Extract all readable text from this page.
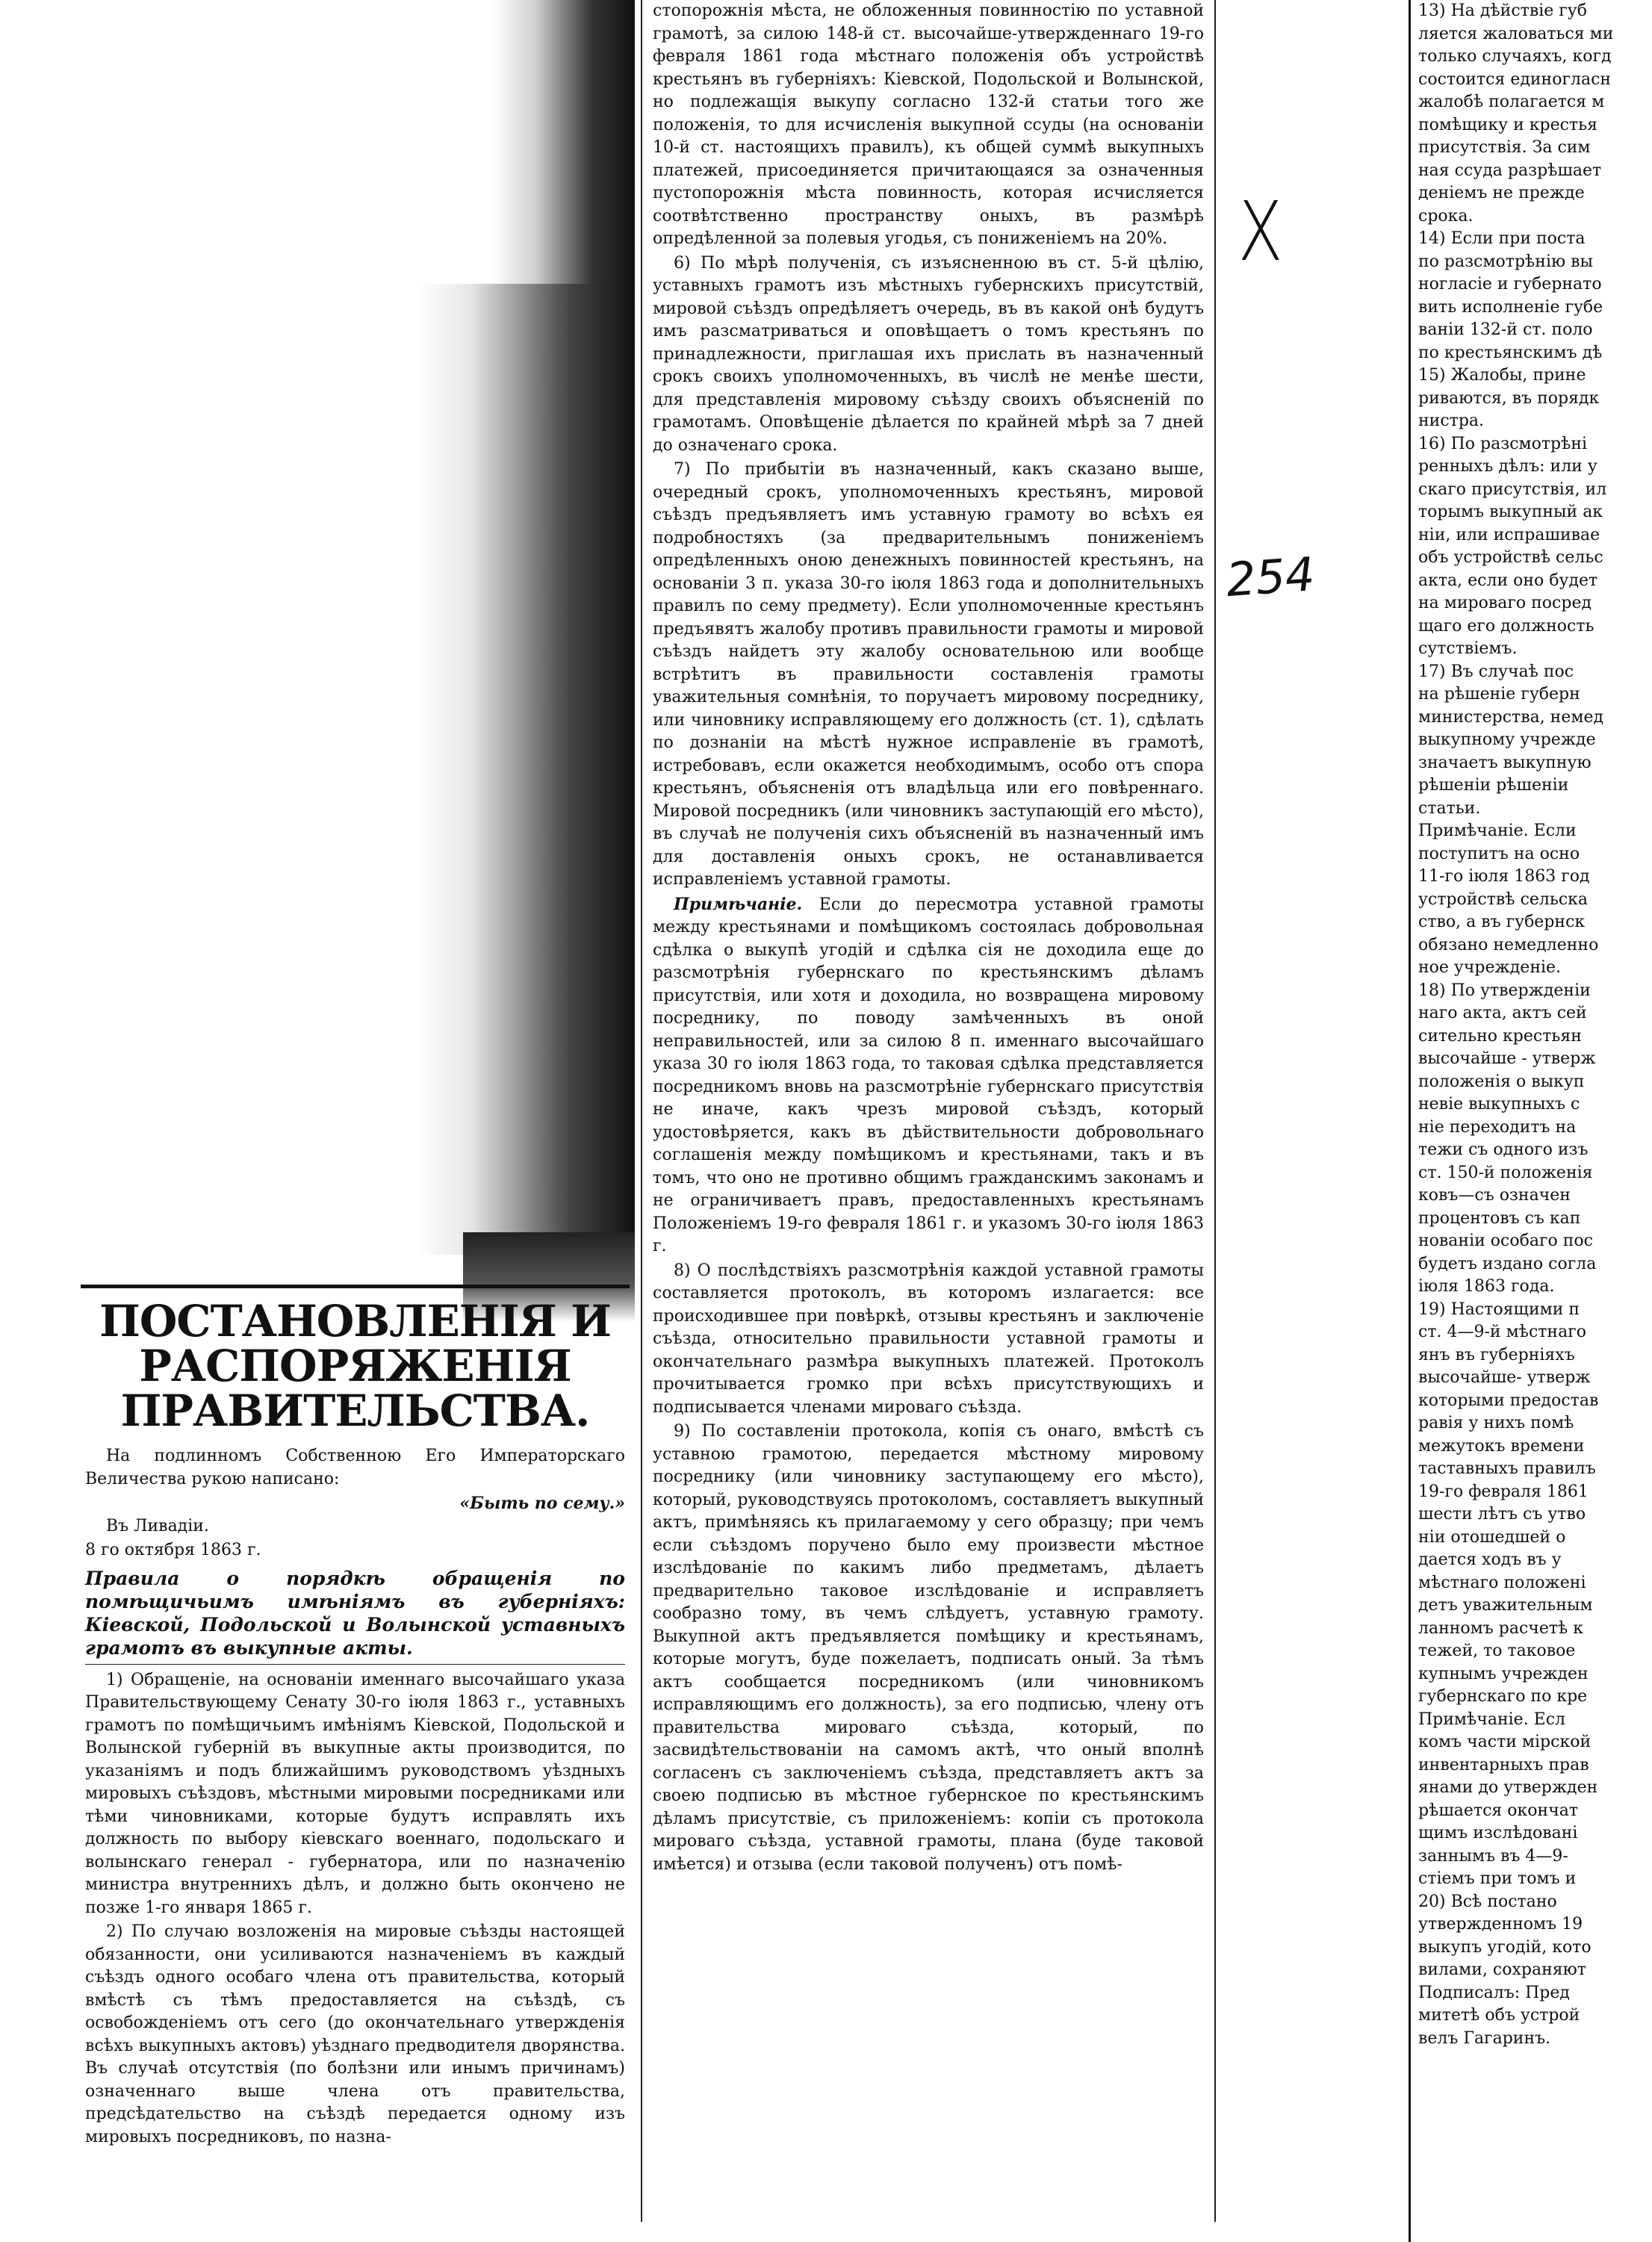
стопорожнія мѣста, не обложенныя повинностію по уставной грамотѣ, за силою 148-й ст. высочайше-утвержденнаго 19-го февраля 1861 года мѣстнаго положенія объ устройствѣ крестьянъ въ губерніяхъ: Кіевской, Подольской и Волынской, но подлежащія выкупу согласно 132-й статьи того же положенія, то для исчисленія выкупной ссуды (на основаніи 10-й ст. настоящихъ правилъ), къ общей суммѣ выкупныхъ платежей, присоединяется причитающаяся за означенныя пустопорожнія мѣста повинность, которая исчисляется соотвѣтственно пространству оныхъ, въ размѣрѣ опредѣленной за полевыя угодья, съ пониженіемъ на 20%.

6) По мѣрѣ полученія, съ изъясненною въ ст. 5-й цѣлію, уставныхъ грамотъ изъ мѣстныхъ губернскихъ присутствій, мировой съѣздъ опредѣляетъ очередь, въ въ какой онѣ будутъ имъ разсматриваться и оповѣщаетъ о томъ крестьянъ по принадлежности, приглашая ихъ прислать въ назначенный срокъ своихъ уполномоченныхъ, въ числѣ не менѣе шести, для представленія мировому съѣзду своихъ объясненій по грамотамъ. Оповѣщеніе дѣлается по крайней мѣрѣ за 7 дней до означенаго срока.

7) По прибытіи въ назначенный, какъ сказано выше, очередный срокъ, уполномоченныхъ крестьянъ, мировой съѣздъ предъявляетъ имъ уставную грамоту во всѣхъ ея подробностяхъ (за предварительнымъ пониженіемъ опредѣленныхъ оною денежныхъ повинностей крестьянъ, на основаніи 3 п. указа 30-го іюля 1863 года и дополнительныхъ правилъ по сему предмету). Если уполномоченные крестьянъ предъявятъ жалобу противъ правильности грамоты и мировой съѣздъ найдетъ эту жалобу основательною или вообще встрѣтитъ въ правильности составленія грамоты уважительныя сомнѣнія, то поручаетъ мировому посреднику, или чиновнику исправляющему его должность (ст. 1), сдѣлать по дознаніи на мѣстѣ нужное исправленіе въ грамотѣ, истребовавъ, если окажется необходимымъ, особо отъ спора крестьянъ, объясненія отъ владѣльца или его повѣреннаго. Мировой посредникъ (или чиновникъ заступающій его мѣсто), въ случаѣ не полученія сихъ объясненій въ назначенный имъ для доставленія оныхъ срокъ, не останавливается исправленіемъ уставной грамоты.

Примѣчаніе. Если до пересмотра уставной грамоты между крестьянами и помѣщикомъ состоялась добровольная сдѣлка о выкупѣ угодій и сдѣлка сія не доходила еще до разсмотрѣнія губернскаго по крестьянскимъ дѣламъ присутствія, или хотя и доходила, но возвращена мировому посреднику, по поводу замѣченныхъ въ оной неправильностей, или за силою 8 п. именнаго высочайшаго указа 30 го іюля 1863 года, то таковая сдѣлка представляется посредникомъ вновь на разсмотрѣніе губернскаго присутствія не иначе, какъ чрезъ мировой съѣздъ, который удостовѣряется, какъ въ дѣйствительности добровольнаго соглашенія между помѣщикомъ и крестьянами, такъ и въ томъ, что оно не противно общимъ гражданскимъ законамъ и не ограничиваетъ правъ, предоставленныхъ крестьянамъ Положеніемъ 19-го февраля 1861 г. и указомъ 30-го іюля 1863 г.

8) О послѣдствіяхъ разсмотрѣнія каждой уставной грамоты составляется протоколъ, въ которомъ излагается: все происходившее при повѣркѣ, отзывы крестьянъ и заключеніе съѣзда, относительно правильности уставной грамоты и окончательнаго размѣра выкупныхъ платежей. Протоколъ прочитывается громко при всѣхъ присутствующихъ и подписывается членами мироваго съѣзда.

9) По составленіи протокола, копія съ онаго, вмѣстѣ съ уставною грамотою, передается мѣстному мировому посреднику (или чиновнику заступающему его мѣсто), который, руководствуясь протоколомъ, составляетъ выкупный актъ, примѣняясь къ прилагаемому у сего образцу; при чемъ если съѣздомъ поручено было ему произвести мѣстное изслѣдованіе по какимъ либо предметамъ, дѣлаетъ предварительно таковое изслѣдованіе и исправляетъ сообразно тому, въ чемъ слѣдуетъ, уставную грамоту. Выкупной актъ предъявляется помѣщику и крестьянамъ, которые могутъ, буде пожелаетъ, подписать оный. За тѣмъ актъ сообщается посредникомъ (или чиновникомъ исправляющимъ его должность), за его подписью, члену отъ правительства мироваго съѣзда, который, по засвидѣтельствованіи на самомъ актѣ, что оный вполнѣ согласенъ съ заключеніемъ съѣзда, представляетъ актъ за своею подписью въ мѣстное губернское по крестьянскимъ дѣламъ присутствіе, съ приложеніемъ: копіи съ протокола мироваго съѣзда, уставной грамоты, плана (буде таковой имѣется) и отзыва (если таковой полученъ) отъ помѣ-

13) На дѣйствіе губ
ляется жаловаться ми
только случаяхъ, когд
состоится единогласн
жалобѣ полагается м
помѣщику и крестья
присутствія. За сим
ная ссуда разрѣшает
деніемъ не прежде
срока.
14) Если при поста
по разсмотрѣнію вы
ногласіе и губернато
вить исполненіе губе
ваніи 132-й ст. поло
по крестьянскимъ дѣ
15) Жалобы, прине
риваются, въ порядк
нистра.
16) По разсмотрѣні
ренныхъ дѣлъ: или у
скаго присутствія, ил
торымъ выкупный ак
ніи, или испрашивае
объ устройствѣ сельс
акта, если оно будет
на мироваго посред
щаго его должность
сутствіемъ.
17) Въ случаѣ пос
на рѣшеніе губерн
министерства, немед
выкупному учрежде
значаетъ выкупную
рѣшеніи рѣшеніи
статьи.
Примѣчаніе. Если
поступитъ на осно
11-го іюля 1863 год
устройствѣ сельска
ство, а въ губернск
обязано немедленно
ное учрежденіе.
18) По утвержденіи
наго акта, актъ сей
сительно крестьян
высочайше - утверж
положенія о выкуп
невіе выкупныхъ с
ніе переходитъ на
тежи съ одного изъ
ст. 150-й положенія
ковъ—съ означен
процентовъ съ кап
нованіи особаго пос
будетъ издано согла
іюля 1863 года.
19) Настоящими п
ст. 4—9-й мѣстнаго
янъ въ губерніяхъ
высочайше- утверж
которыми предостав
равія у нихъ помѣ
межутокъ времени
таставныхъ правилъ
19-го февраля 1861
шести лѣтъ съ утво
ніи отошедшей о
дается ходъ въ у
мѣстнаго положені
детъ уважительным
ланномъ расчетѣ к
тежей, то таковое
купнымъ учрежден
губернскаго по кре
Примѣчаніе. Есл
комъ части мірской
инвентарныхъ прав
янами до утвержден
рѣшается окончат
щимъ изслѣдовані
заннымъ въ 4—9-
стіемъ при томъ и
20) Всѣ постано
утвержденномъ 19
выкупъ угодій, кото
вилами, сохраняют
Подписалъ: Пред
митетѣ объ устрой
велъ Гагаринъ.
ПОСТАНОВЛЕНІЯ И РАСПОРЯЖЕНІЯ ПРАВИТЕЛЬСТВА.

На подлинномъ Собственною Его Императорскаго Величества рукою написано:

«Быть по сему.»

Въ Ливадіи.

8 го октября 1863 г.

Правила о порядкѣ обращенія по помѣщичьимъ имѣніямъ въ губерніяхъ: Кіевской, Подольской и Волынской уставныхъ грамотъ въ выкупные акты.

1) Обращеніе, на основаніи именнаго высочайшаго указа Правительствующему Сенату 30-го іюля 1863 г., уставныхъ грамотъ по помѣщичьимъ имѣніямъ Кіевской, Подольской и Волынской губерній въ выкупные акты производится, по указаніямъ и подъ ближайшимъ руководствомъ уѣздныхъ мировыхъ съѣздовъ, мѣстными мировыми посредниками или тѣми чиновниками, которые будутъ исправлять ихъ должность по выбору кіевскаго военнаго, подольскаго и волынскаго генерал - губернатора, или по назначенію министра внутреннихъ дѣлъ, и должно быть окончено не позже 1-го января 1865 г.

2) По случаю возложенія на мировые съѣзды настоящей обязанности, они усиливаются назначеніемъ въ каждый съѣздъ одного особаго члена отъ правительства, который вмѣстѣ съ тѣмъ предоставляется на съѣздѣ, съ освобожденіемъ отъ сего (до окончательнаго утвержденія всѣхъ выкупныхъ актовъ) уѣзднаго предводителя дворянства. Въ случаѣ отсутствія (по болѣзни или инымъ причинамъ) означеннаго выше члена отъ правительства, предсѣдательство на съѣздѣ передается одному изъ мировыхъ посредниковъ, по назна-

X
254
